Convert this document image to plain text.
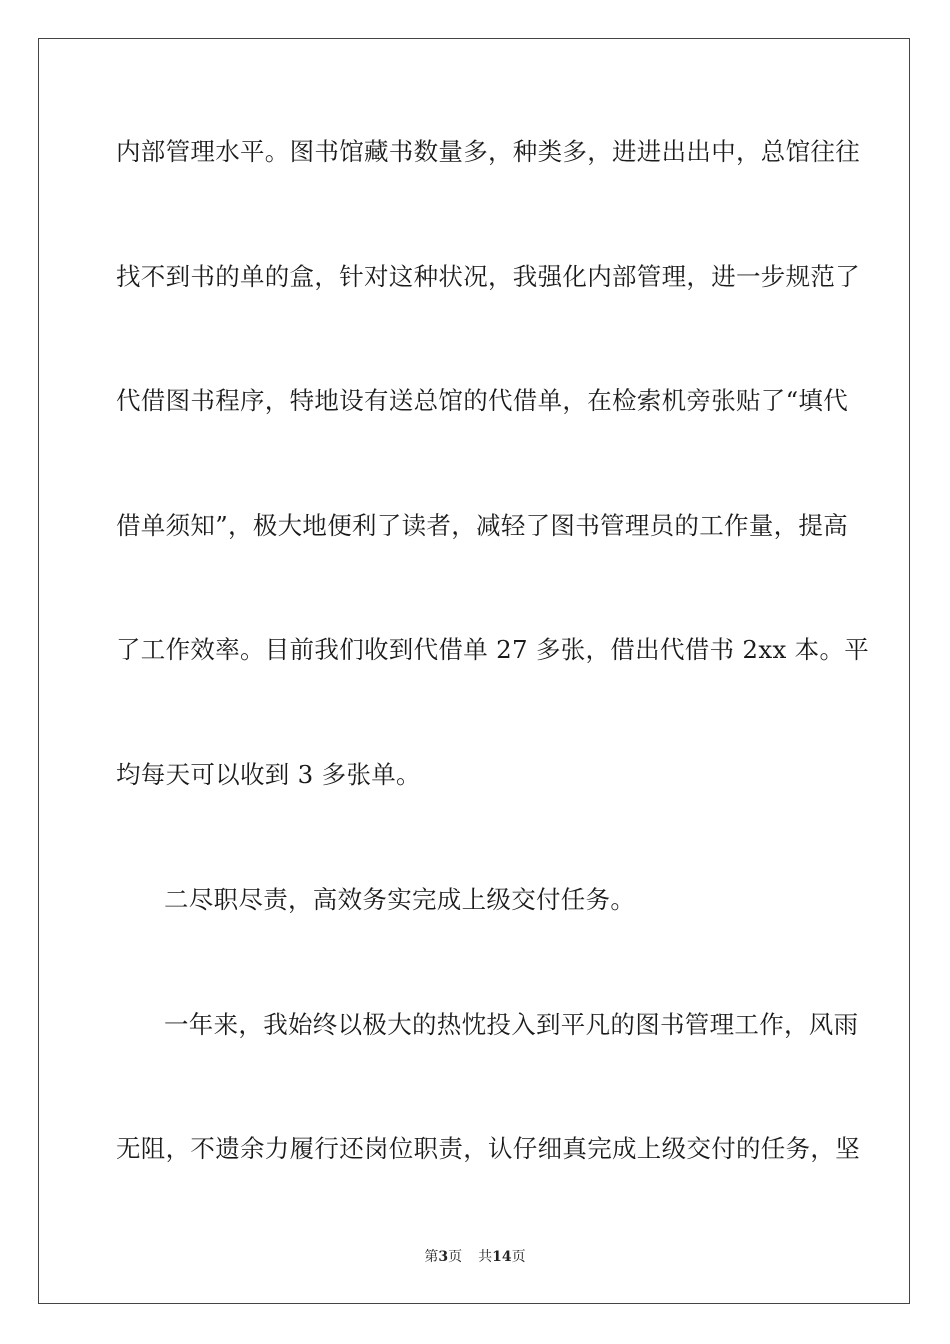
内部管理水平。图书馆藏书数量多，种类多，进进出出中，总馆往往
找不到书的单的盒，针对这种状况，我强化内部管理，进一步规范了
代借图书程序，特地设有送总馆的代借单，在检索机旁张贴了“填代
借单须知”，极大地便利了读者，减轻了图书管理员的工作量，提高
了工作效率。目前我们收到代借单 27 多张，借出代借书 2xx 本。平
均每天可以收到 3 多张单。
二尽职尽责，高效务实完成上级交付任务。
一年来，我始终以极大的热忱投入到平凡的图书管理工作，风雨
无阻，不遗余力履行还岗位职责，认仔细真完成上级交付的任务，坚
第3页 共14页
